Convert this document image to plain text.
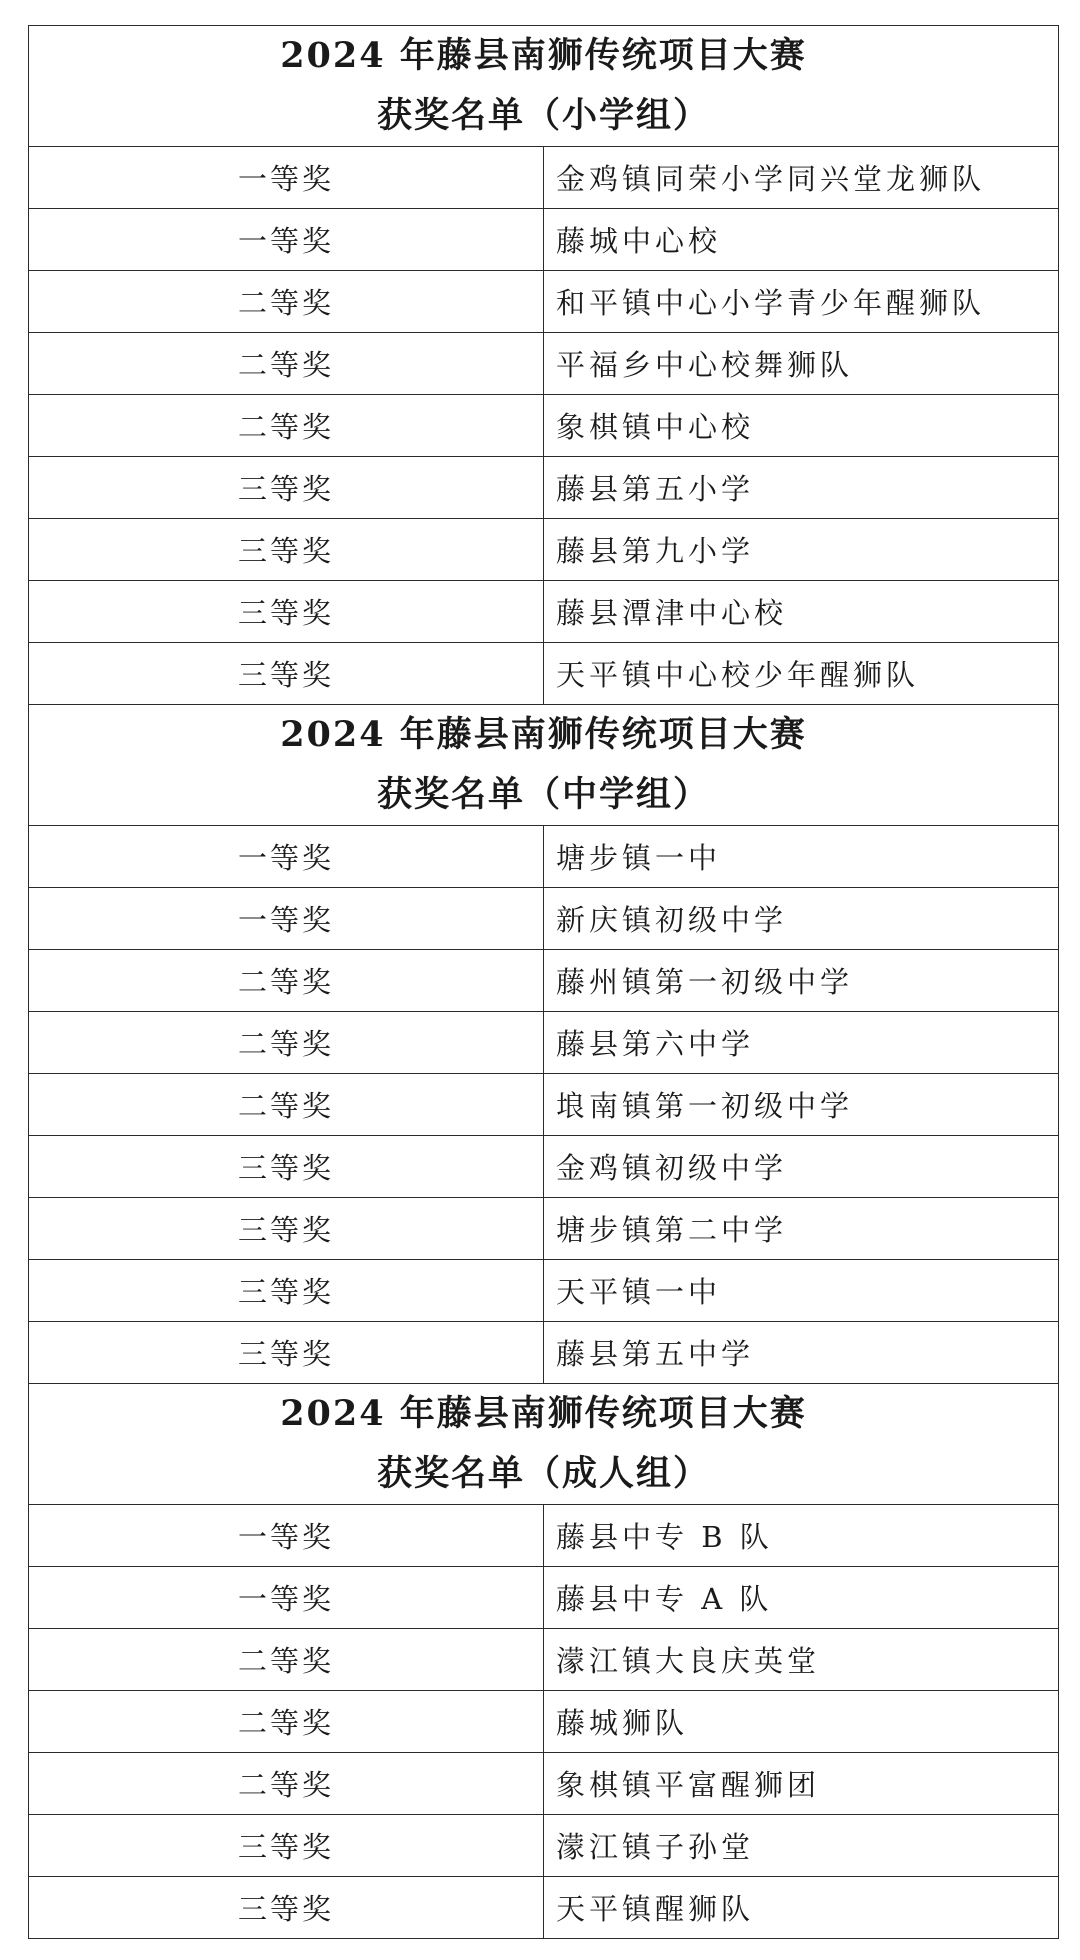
2024 年藤县南狮传统项目大赛
获奖名单（小学组）	

一等奖	金鸡镇同荣小学同兴堂龙狮队
一等奖	藤城中心校
二等奖	和平镇中心小学青少年醒狮队
二等奖	平福乡中心校舞狮队
二等奖	象棋镇中心校
三等奖	藤县第五小学
三等奖	藤县第九小学
三等奖	藤县潭津中心校
三等奖	天平镇中心校少年醒狮队

2024 年藤县南狮传统项目大赛
获奖名单（中学组）	

一等奖	塘步镇一中
一等奖	新庆镇初级中学
二等奖	藤州镇第一初级中学
二等奖	藤县第六中学
二等奖	埌南镇第一初级中学
三等奖	金鸡镇初级中学
三等奖	塘步镇第二中学
三等奖	天平镇一中
三等奖	藤县第五中学

2024 年藤县南狮传统项目大赛
获奖名单（成人组）	

一等奖	藤县中专 B 队
一等奖	藤县中专 A 队
二等奖	濛江镇大良庆英堂
二等奖	藤城狮队
二等奖	象棋镇平富醒狮团
三等奖	濛江镇子孙堂
三等奖	天平镇醒狮队
